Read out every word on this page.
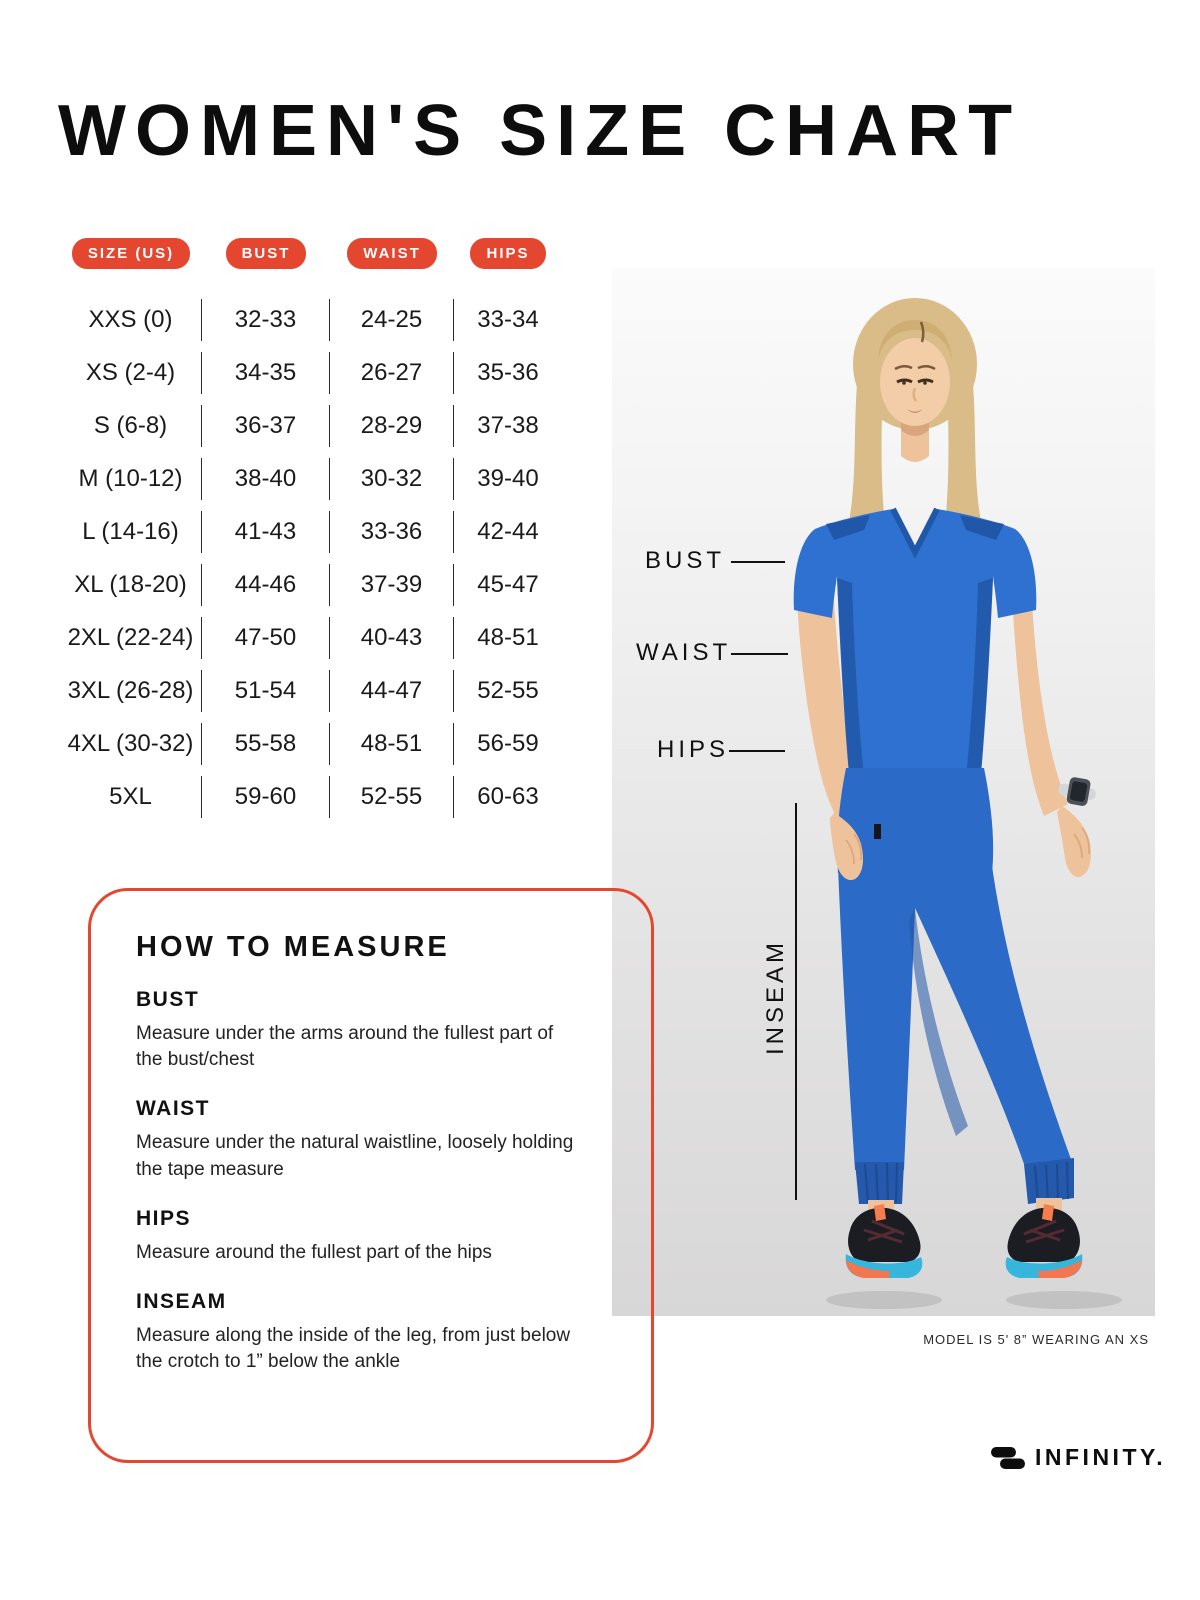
WOMEN'S SIZE CHART
BUST
WAIST
HIPS
INSEAM
MODEL IS 5' 8” WEARING AN XS
SIZE (US)	BUST	WAIST	HIPS
XXS (0)	32-33	24-25	33-34
XS (2-4)	34-35	26-27	35-36
S (6-8)	36-37	28-29	37-38
M (10-12)	38-40	30-32	39-40
L (14-16)	41-43	33-36	42-44
XL (18-20)	44-46	37-39	45-47
2XL (22-24)	47-50	40-43	48-51
3XL (26-28)	51-54	44-47	52-55
4XL (30-32)	55-58	48-51	56-59
5XL	59-60	52-55	60-63
HOW TO MEASURE
BUST

Measure under the arms around the fullest part of the bust/chest

WAIST

Measure under the natural waistline, loosely holding the tape measure

HIPS

Measure around the fullest part of the hips

INSEAM

Measure along the inside of the leg, from just below the crotch to 1” below the ankle

INFINITY.
